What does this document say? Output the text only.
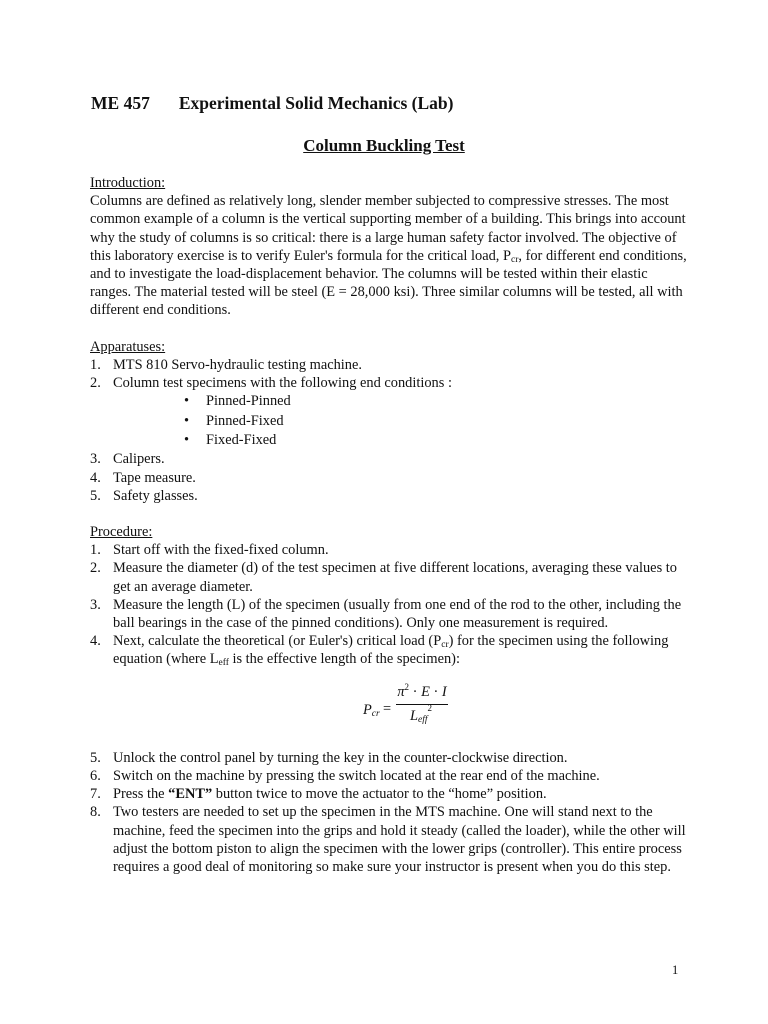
ME 457 Experimental Solid Mechanics (Lab)
Column Buckling Test
Introduction:

Columns are defined as relatively long, slender member subjected to compressive stresses. The most common example of a column is the vertical supporting member of a building. This brings into account why the study of columns is so critical: there is a large human safety factor involved. The objective of this laboratory exercise is to verify Euler's formula for the critical load, $P_{cr}$, for different end conditions, and to investigate the load-displacement behavior. The columns will be tested within their elastic ranges. The material tested will be steel (E = 28,000 ksi). Three similar columns will be tested, all with different end conditions.

Apparatuses:
1. MTS 810 Servo-hydraulic testing machine.
2. Column test specimens with the following end conditions :
• Pinned-Pinned
• Pinned-Fixed
• Fixed-Fixed
3. Calipers.
4. Tape measure.
5. Safety glasses.
Procedure:
1. Start off with the fixed-fixed column.
2. Measure the diameter (d) of the test specimen at five different locations, averaging these values to get an average diameter.
3. Measure the length (L) of the specimen (usually from one end of the rod to the other, including the ball bearings in the case of the pinned conditions). Only one measurement is required.
4. Next, calculate the theoretical (or Euler's) critical load $(P_{cr})$ for the specimen using the following equation (where $L_{eff}$ is the effective length of the specimen):
$P_{cr}$ =
$\pi^2 \cdot E \cdot I$
$L_{eff}^2$
5. Unlock the control panel by turning the key in the counter-clockwise direction.
6. Switch on the machine by pressing the switch located at the rear end of the machine.
7. Press the “ENT” button twice to move the actuator to the “home” position.
8. Two testers are needed to set up the specimen in the MTS machine. One will stand next to the machine, feed the specimen into the grips and hold it steady (called the loader), while the other will adjust the bottom piston to align the specimen with the lower grips (controller). This entire process requires a good deal of monitoring so make sure your instructor is present when you do this step.
1
